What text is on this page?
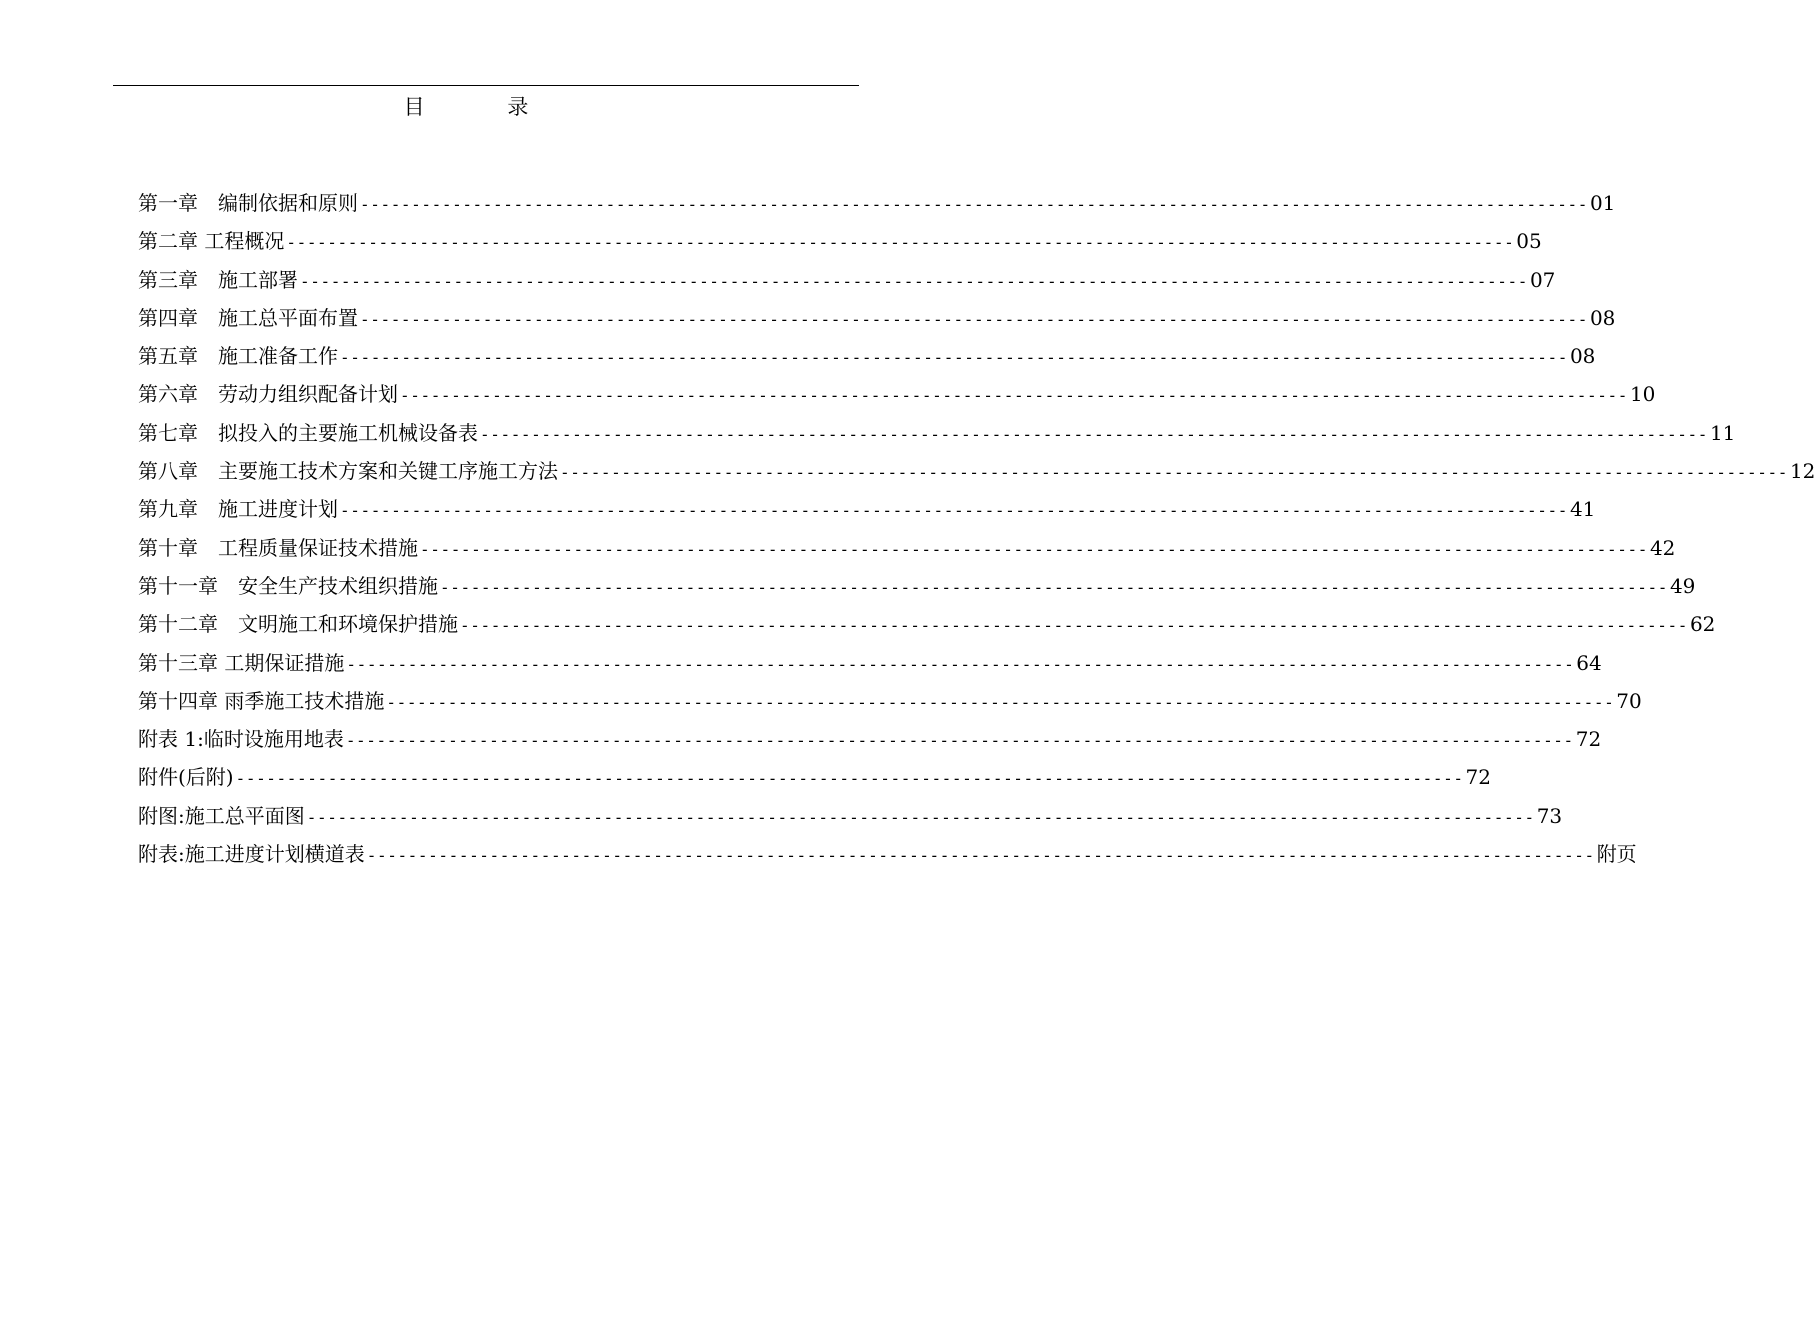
目 录
第一章　编制依据和原则 ------------------------------------------------------------------------------------------------------------------------ 01
第二章 工程概况 ------------------------------------------------------------------------------------------------------------------------ 05
第三章　施工部署 ------------------------------------------------------------------------------------------------------------------------ 07
第四章　施工总平面布置 ------------------------------------------------------------------------------------------------------------------------ 08
第五章　施工准备工作 ------------------------------------------------------------------------------------------------------------------------ 08
第六章　劳动力组织配备计划 ------------------------------------------------------------------------------------------------------------------------ 10
第七章　拟投入的主要施工机械设备表 ------------------------------------------------------------------------------------------------------------------------ 11
第八章　主要施工技术方案和关键工序施工方法 ------------------------------------------------------------------------------------------------------------------------ 12
第九章　施工进度计划 ------------------------------------------------------------------------------------------------------------------------ 41
第十章　工程质量保证技术措施 ------------------------------------------------------------------------------------------------------------------------ 42
第十一章　安全生产技术组织措施 ------------------------------------------------------------------------------------------------------------------------ 49
第十二章　文明施工和环境保护措施 ------------------------------------------------------------------------------------------------------------------------ 62
第十三章 工期保证措施 ------------------------------------------------------------------------------------------------------------------------ 64
第十四章 雨季施工技术措施 ------------------------------------------------------------------------------------------------------------------------ 70
附表 1:临时设施用地表 ------------------------------------------------------------------------------------------------------------------------ 72
附件(后附) ------------------------------------------------------------------------------------------------------------------------ 72
附图:施工总平面图 ------------------------------------------------------------------------------------------------------------------------ 73
附表:施工进度计划横道表 ------------------------------------------------------------------------------------------------------------------------ 附页
